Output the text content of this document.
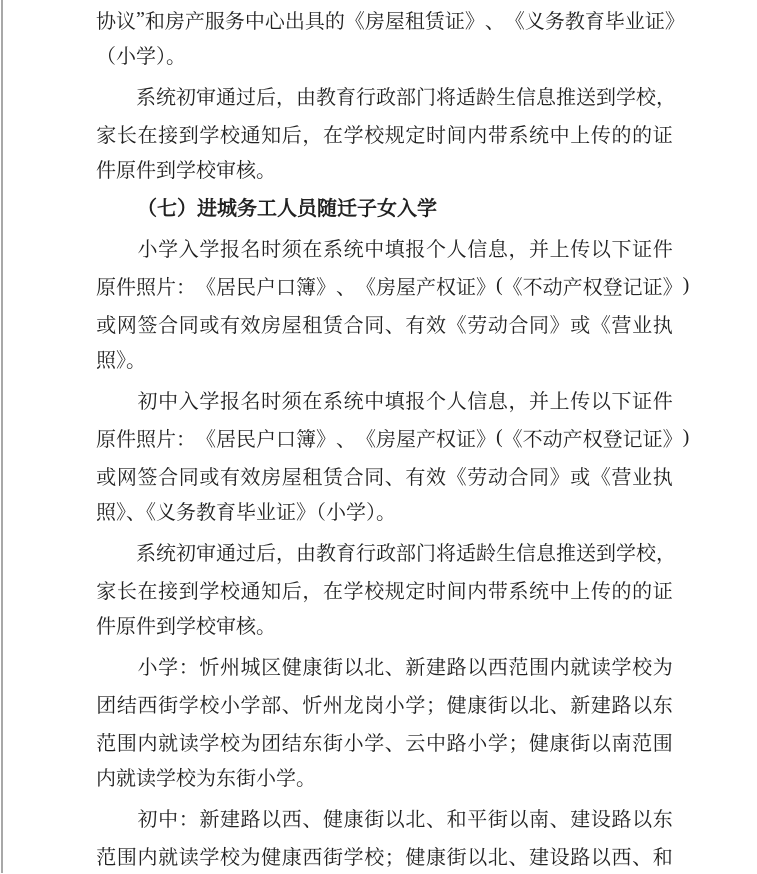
协 议 ” 和 房 产 服 务 中 心 出 具 的 《 房 屋 租 赁 证 》 、 《 义 务 教 育 毕 业 证 》
（小学）。

系 统 初 审 通 过 后 ， 由 教 育 行 政 部 门 将 适 龄 生 信 息 推 送 到 学 校 ，
家 长 在 接 到 学 校 通 知 后 ， 在 学 校 规 定 时 间 内 带 系 统 中 上 传 的 的 证
件原件到学校审核。
（七）进城务工人员随迁子女入学

小 学 入 学 报 名 时 须 在 系 统 中 填 报 个 人 信 息 ， 并 上 传 以 下 证 件
原 件 照 片 ： 《 居 民 户 口 簿 》 、 《 房 屋 产 权 证 》 ( 《 不 动 产 权 登 记 证 》 )
或 网 签 合 同 或 有 效 房 屋 租 赁 合 同 、 有 效 《 劳 动 合 同 》 或 《 营 业 执
照》。

初 中 入 学 报 名 时 须 在 系 统 中 填 报 个 人 信 息 ， 并 上 传 以 下 证 件
原 件 照 片 ： 《 居 民 户 口 簿 》 、 《 房 屋 产 权 证 》 ( 《 不 动 产 权 登 记 证 》 )
或 网 签 合 同 或 有 效 房 屋 租 赁 合 同 、 有 效 《 劳 动 合 同 》 或 《 营 业 执
照》、《义务教育毕业证》（小学）。

系 统 初 审 通 过 后 ， 由 教 育 行 政 部 门 将 适 龄 生 信 息 推 送 到 学 校 ，
家 长 在 接 到 学 校 通 知 后 ， 在 学 校 规 定 时 间 内 带 系 统 中 上 传 的 的 证
件原件到学校审核。

小 学 ： 忻 州 城 区 健 康 街 以 北 、 新 建 路 以 西 范 围 内 就 读 学 校 为
团 结 西 街 学 校 小 学 部 、 忻 州 龙 岗 小 学 ； 健 康 街 以 北 、 新 建 路 以 东
范 围 内 就 读 学 校 为 团 结 东 街 小 学 、 云 中 路 小 学 ； 健 康 街 以 南 范 围
内就读学校为东街小学。

初 中 ： 新 建 路 以 西 、 健 康 街 以 北 、 和 平 街 以 南 、 建 设 路 以 东
范 围 内 就 读 学 校 为 健 康 西 街 学 校 ； 健 康 街 以 北 、 建 设 路 以 西 、 和
